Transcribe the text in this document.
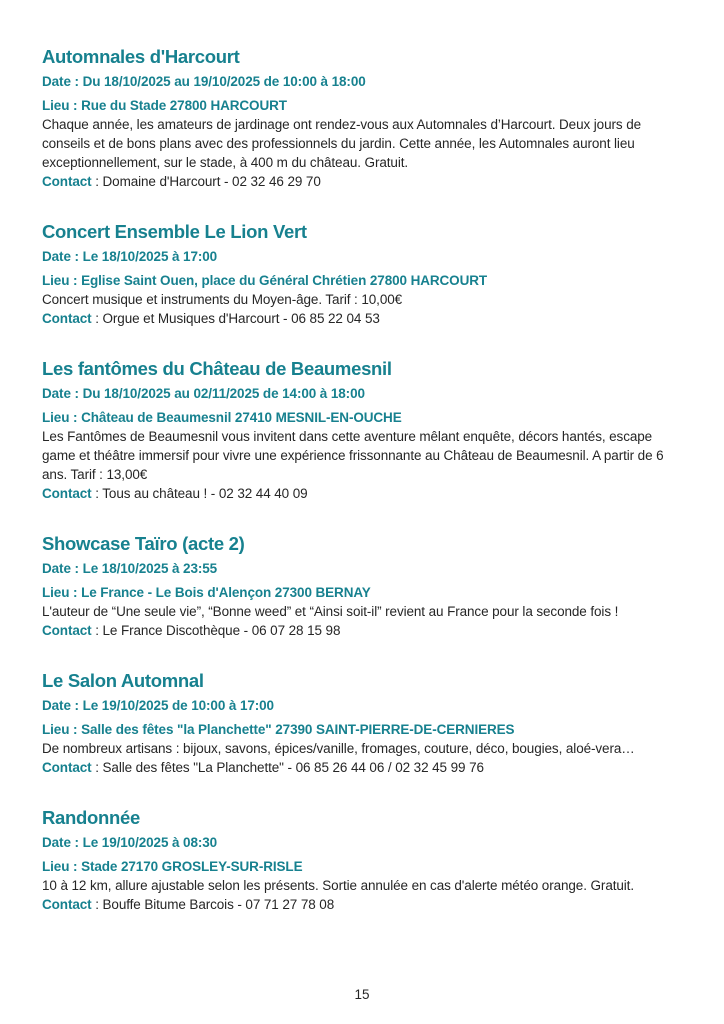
Automnales d'Harcourt

Date : Du 18/10/2025 au 19/10/2025 de 10:00 à 18:00

Lieu : Rue du Stade 27800 HARCOURT

Chaque année, les amateurs de jardinage ont rendez-vous aux Automnales d’Harcourt. Deux jours de conseils et de bons plans avec des professionnels du jardin. Cette année, les Automnales auront lieu exceptionnellement, sur le stade, à 400 m du château. Gratuit.

Contact : Domaine d'Harcourt - 02 32 46 29 70

Concert Ensemble Le Lion Vert

Date : Le 18/10/2025 à 17:00

Lieu : Eglise Saint Ouen, place du Général Chrétien 27800 HARCOURT

Concert musique et instruments du Moyen-âge. Tarif : 10,00€

Contact : Orgue et Musiques d'Harcourt - 06 85 22 04 53

Les fantômes du Château de Beaumesnil

Date : Du 18/10/2025 au 02/11/2025 de 14:00 à 18:00

Lieu : Château de Beaumesnil 27410 MESNIL-EN-OUCHE

Les Fantômes de Beaumesnil vous invitent dans cette aventure mêlant enquête, décors hantés, escape game et théâtre immersif pour vivre une expérience frissonnante au Château de Beaumesnil. A partir de 6 ans. Tarif : 13,00€

Contact : Tous au château ! - 02 32 44 40 09

Showcase Taïro (acte 2)

Date : Le 18/10/2025 à 23:55

Lieu : Le France - Le Bois d'Alençon 27300 BERNAY

L'auteur de “Une seule vie”, “Bonne weed” et “Ainsi soit-il” revient au France pour la seconde fois !

Contact : Le France Discothèque - 06 07 28 15 98

Le Salon Automnal

Date : Le 19/10/2025 de 10:00 à 17:00

Lieu : Salle des fêtes "la Planchette" 27390 SAINT-PIERRE-DE-CERNIERES

De nombreux artisans : bijoux, savons, épices/vanille, fromages, couture, déco, bougies, aloé-vera…

Contact : Salle des fêtes "La Planchette" - 06 85 26 44 06 / 02 32 45 99 76

Randonnée

Date : Le 19/10/2025 à 08:30

Lieu : Stade 27170 GROSLEY-SUR-RISLE

10 à 12 km, allure ajustable selon les présents. Sortie annulée en cas d'alerte météo orange. Gratuit.

Contact : Bouffe Bitume Barcois - 07 71 27 78 08

15
